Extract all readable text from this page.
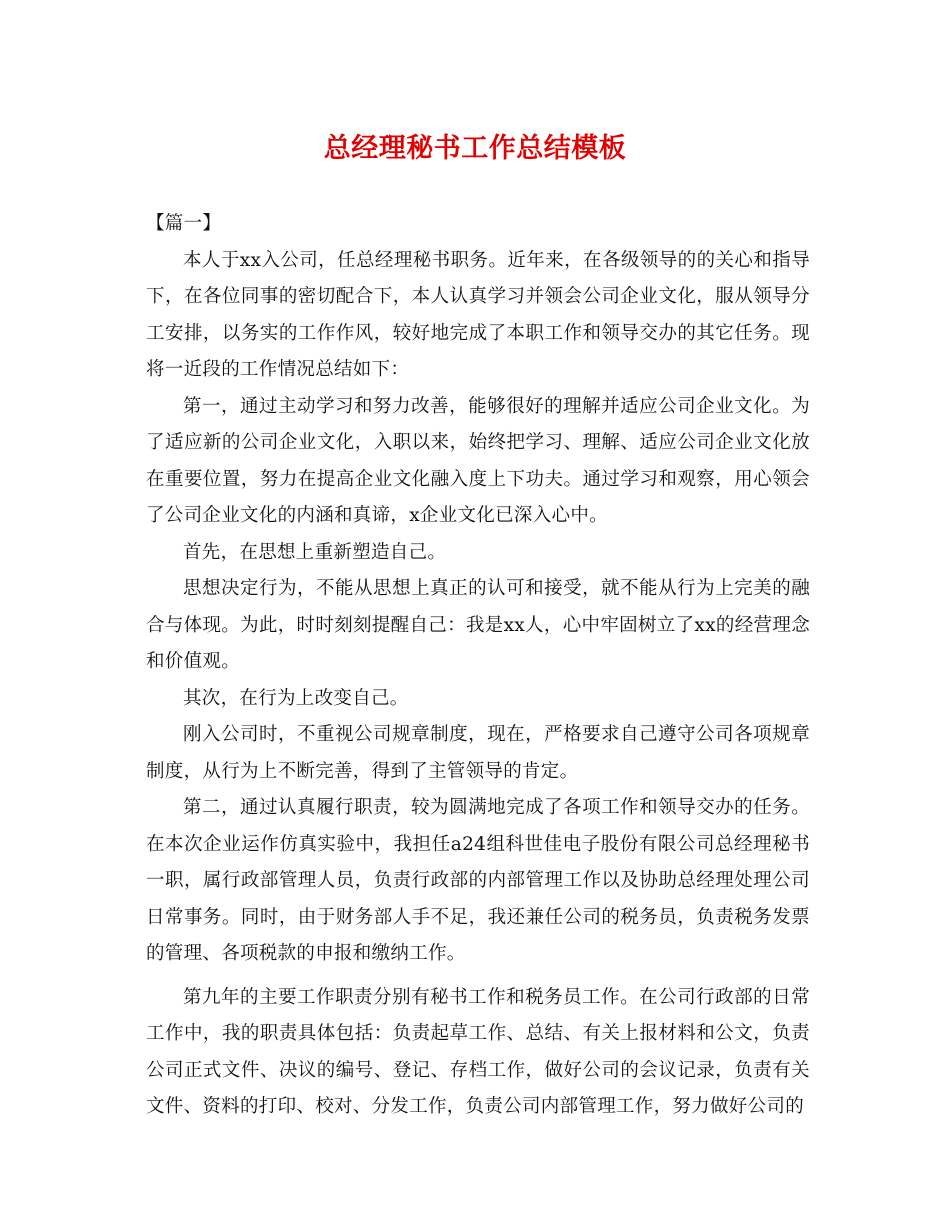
总经理秘书工作总结模板

【篇一】

本人于xx入公司，任总经理秘书职务。近年来，在各级领导的的关心和指导下，在各位同事的密切配合下，本人认真学习并领会公司企业文化，服从领导分工安排，以务实的工作作风，较好地完成了本职工作和领导交办的其它任务。现将一近段的工作情况总结如下：

第一，通过主动学习和努力改善，能够很好的理解并适应公司企业文化。为了适应新的公司企业文化，入职以来，始终把学习、理解、适应公司企业文化放在重要位置，努力在提高企业文化融入度上下功夫。通过学习和观察，用心领会了公司企业文化的内涵和真谛，x企业文化已深入心中。

首先，在思想上重新塑造自己。

思想决定行为，不能从思想上真正的认可和接受，就不能从行为上完美的融合与体现。为此，时时刻刻提醒自己：我是xx人，心中牢固树立了xx的经营理念和价值观。

其次，在行为上改变自己。

刚入公司时，不重视公司规章制度，现在，严格要求自己遵守公司各项规章制度，从行为上不断完善，得到了主管领导的肯定。

第二，通过认真履行职责，较为圆满地完成了各项工作和领导交办的任务。在本次企业运作仿真实验中，我担任a24组科世佳电子股份有限公司总经理秘书一职，属行政部管理人员，负责行政部的内部管理工作以及协助总经理处理公司日常事务。同时，由于财务部人手不足，我还兼任公司的税务员，负责税务发票的管理、各项税款的申报和缴纳工作。

第九年的主要工作职责分别有秘书工作和税务员工作。在公司行政部的日常工作中，我的职责具体包括：负责起草工作、总结、有关上报材料和公文，负责公司正式文件、决议的编号、登记、存档工作，做好公司的会议记录，负责有关文件、资料的打印、校对、分发工作，负责公司内部管理工作，努力做好公司的
